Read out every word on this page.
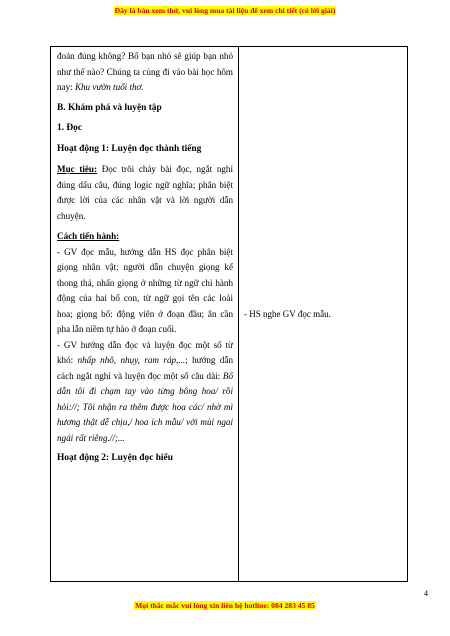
Đây là bản xem thử, vui lòng mua tài liệu để xem chi tiết (có lời giải)

đoán đúng không? Bố bạn nhỏ sẽ giúp bạn nhỏ như thế nào? Chúng ta cùng đi vào bài học hôm nay: Khu vườn tuổi thơ.

B. Khám phá và luyện tập

1. Đọc

Hoạt động 1: Luyện đọc thành tiếng

Mục tiêu: Đọc trôi chảy bài đọc, ngắt nghỉ đúng dấu câu, đúng logic ngữ nghĩa; phân biệt được lời của các nhân vật và lời người dẫn chuyện.

Cách tiến hành:

- GV đọc mẫu, hướng dẫn HS đọc phân biệt giọng nhân vật: người dẫn chuyện giọng kể thong thả, nhấn giọng ở những từ ngữ chỉ hành động của hai bố con, từ ngữ gọi tên các loài hoa; giọng bố: động viên ở đoạn đầu; ân cần pha lẫn niềm tự hào ở đoạn cuối.

- GV hướng dẫn đọc và luyện đọc một số từ khó: nhấp nhô, nhụy, ram ráp,...; hướng dẫn cách ngắt nghỉ và luyện đọc một số câu dài: Bố dẫn tôi đi chạm tay vào từng bông hoa/ rồi hỏi://; Tôi nhận ra thêm được hoa các/ nhờ mì hương thật dễ chịu,/ hoa ích mẫu/ với mùi ngai ngái rất riêng.//;...

Hoạt động 2: Luyện đọc hiểu

	- HS nghe GV đọc mẫu.
4
Mọi thắc mắc vui lòng xin liên hệ hotline: 084 283 45 85
